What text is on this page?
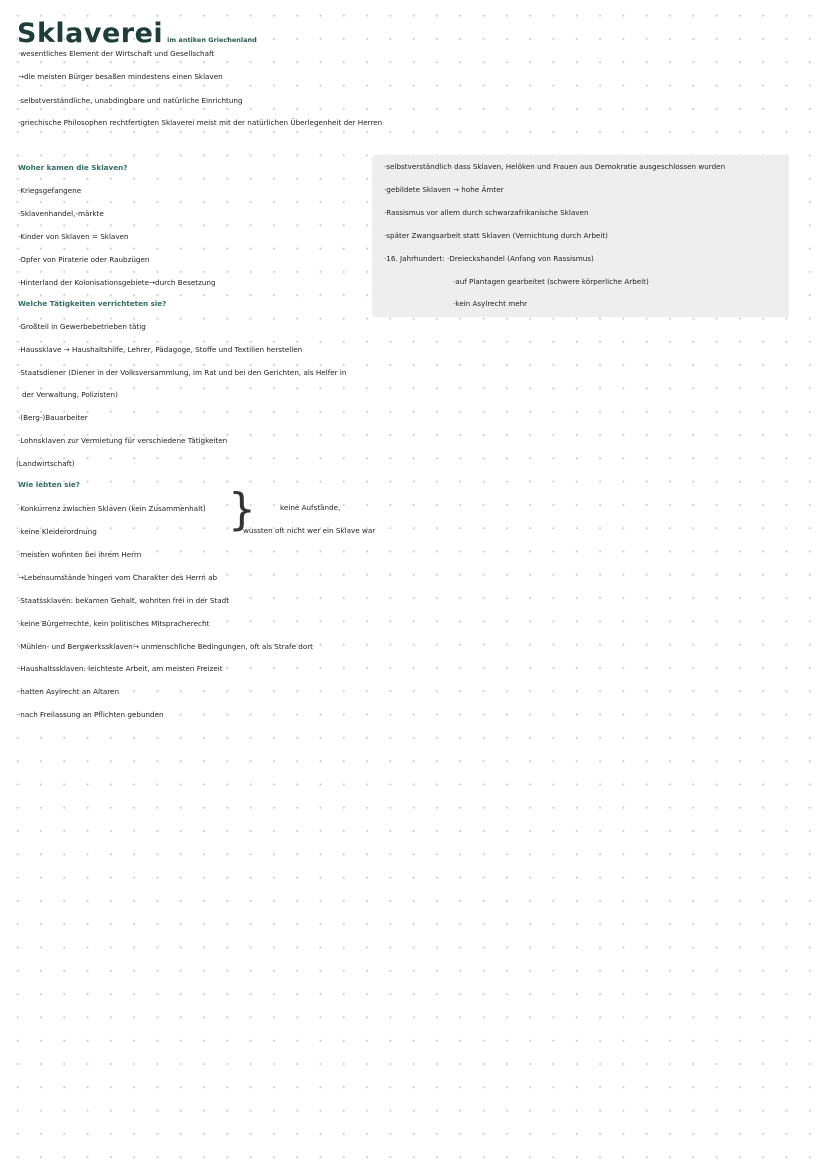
Sklaverei im antiken Griechenland
·wesentliches Element der Wirtschaft und Gesellschaft
→die meisten Bürger besaßen mindestens einen Sklaven
·selbstverständliche, unabdingbare und natürliche Einrichtung
·griechische Philosophen rechtfertigten Sklaverei meist mit der natürlichen Überlegenheit der Herren
·selbstverständlich dass Sklaven, Helöken und Frauen aus Demokratie ausgeschlossen wurden
·gebildete Sklaven → hohe Ämter
·Rassismus vor allem durch schwarzafrikanische Sklaven
·später Zwangsarbeit statt Sklaven (Vernichtung durch Arbeit)
·16. Jahrhundert: ·Dreieckshandel (Anfang von Rassismus)
·auf Plantagen gearbeitet (schwere körperliche Arbeit)
·kein Asylrecht mehr
Woher kamen die Sklaven?
·Kriegsgefangene
·Sklavenhandel,-märkte
·Kinder von Sklaven = Sklaven
·Opfer von Piraterie oder Raubzügen
·Hinterland der Kolonisationsgebiete→durch Besetzung
Welche Tätigkeiten verrichteten sie?
·Großteil in Gewerbebetrieben tätig
·Haussklave → Haushaltshilfe, Lehrer, Pädagoge, Stoffe und Textilien herstellen
·Staatsdiener (Diener in der Volksversammlung, im Rat und bei den Gerichten, als Helfer in
der Verwaltung, Polizisten)
·(Berg-)Bauarbeiter
·Lohnsklaven zur Vermietung für verschiedene Tätigkeiten
(Landwirtschaft)
Wie lebten sie?
·Konkurrenz zwischen Sklaven (kein Zusammenhalt)
·keine Kleiderordnung
·meisten wohnten bei ihrem Herrn
→Lebensumstände hingen vom Charakter des Herrn ab
·Staatssklaven: bekamen Gehalt, wohnten frei in der Stadt
·keine Bürgerrechte, kein politisches Mitspracherecht
·Mühlen- und Bergwerkssklaven→ unmenschliche Bedingungen, oft als Strafe dort
·Haushaltssklaven: leichteste Arbeit, am meisten Freizeit
·hatten Asylrecht an Altaren
·nach Freilassung an Pflichten gebunden
}	keine Aufstände,
wussten oft nicht wer ein Sklave war
